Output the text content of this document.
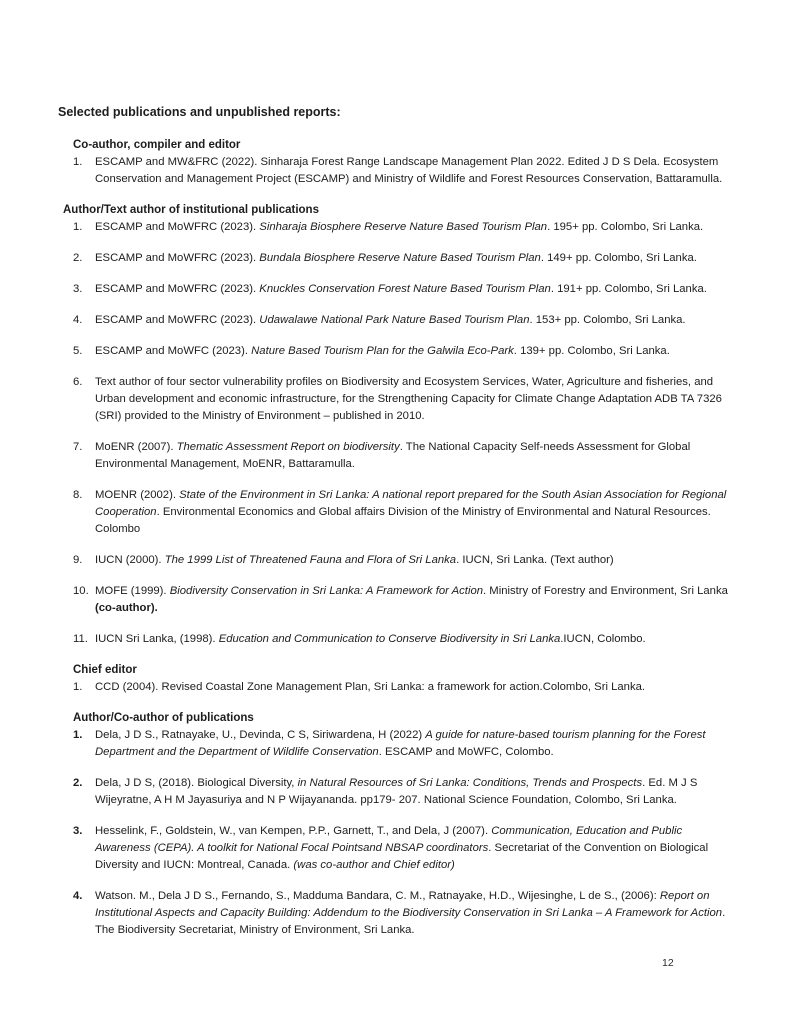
Selected publications and unpublished reports:
Co-author, compiler and editor
1. ESCAMP and MW&FRC (2022). Sinharaja Forest Range Landscape Management Plan 2022. Edited J D S Dela. Ecosystem Conservation and Management Project (ESCAMP) and Ministry of Wildlife and Forest Resources Conservation, Battaramulla.
Author/Text author of institutional publications
1. ESCAMP and MoWFRC (2023). Sinharaja Biosphere Reserve Nature Based Tourism Plan. 195+ pp. Colombo, Sri Lanka.
2. ESCAMP and MoWFRC (2023). Bundala Biosphere Reserve Nature Based Tourism Plan. 149+ pp. Colombo, Sri Lanka.
3. ESCAMP and MoWFRC (2023). Knuckles Conservation Forest Nature Based Tourism Plan. 191+ pp. Colombo, Sri Lanka.
4. ESCAMP and MoWFRC (2023). Udawalawe National Park Nature Based Tourism Plan. 153+ pp. Colombo, Sri Lanka.
5. ESCAMP and MoWFC (2023). Nature Based Tourism Plan for the Galwila Eco-Park. 139+ pp. Colombo, Sri Lanka.
6. Text author of four sector vulnerability profiles on Biodiversity and Ecosystem Services, Water, Agriculture and fisheries, and Urban development and economic infrastructure, for the Strengthening Capacity for Climate Change Adaptation ADB TA 7326 (SRI) provided to the Ministry of Environment – published in 2010.
7. MoENR (2007). Thematic Assessment Report on biodiversity. The National Capacity Self-needs Assessment for Global Environmental Management, MoENR, Battaramulla.
8. MOENR (2002). State of the Environment in Sri Lanka: A national report prepared for the South Asian Association for Regional Cooperation. Environmental Economics and Global affairs Division of the Ministry of Environmental and Natural Resources. Colombo
9. IUCN (2000). The 1999 List of Threatened Fauna and Flora of Sri Lanka. IUCN, Sri Lanka. (Text author)
10. MOFE (1999). Biodiversity Conservation in Sri Lanka: A Framework for Action. Ministry of Forestry and Environment, Sri Lanka (co-author).
11. IUCN Sri Lanka, (1998). Education and Communication to Conserve Biodiversity in Sri Lanka.IUCN, Colombo.
Chief editor
1. CCD (2004). Revised Coastal Zone Management Plan, Sri Lanka: a framework for action.Colombo, Sri Lanka.
Author/Co-author of publications
1. Dela, J D S., Ratnayake, U., Devinda, C S, Siriwardena, H (2022) A guide for nature-based tourism planning for the Forest Department and the Department of Wildlife Conservation. ESCAMP and MoWFC, Colombo.
2. Dela, J D S, (2018). Biological Diversity, in Natural Resources of Sri Lanka: Conditions, Trends and Prospects. Ed. M J S Wijeyratne, A H M Jayasuriya and N P Wijayananda. pp179- 207. National Science Foundation, Colombo, Sri Lanka.
3. Hesselink, F., Goldstein, W., van Kempen, P.P., Garnett, T., and Dela, J (2007). Communication, Education and Public Awareness (CEPA). A toolkit for National Focal Pointsand NBSAP coordinators. Secretariat of the Convention on Biological Diversity and IUCN: Montreal, Canada. (was co-author and Chief editor)
4. Watson. M., Dela J D S., Fernando, S., Madduma Bandara, C. M., Ratnayake, H.D., Wijesinghe, L de S., (2006): Report on Institutional Aspects and Capacity Building: Addendum to the Biodiversity Conservation in Sri Lanka – A Framework for Action. The Biodiversity Secretariat, Ministry of Environment, Sri Lanka.
12
